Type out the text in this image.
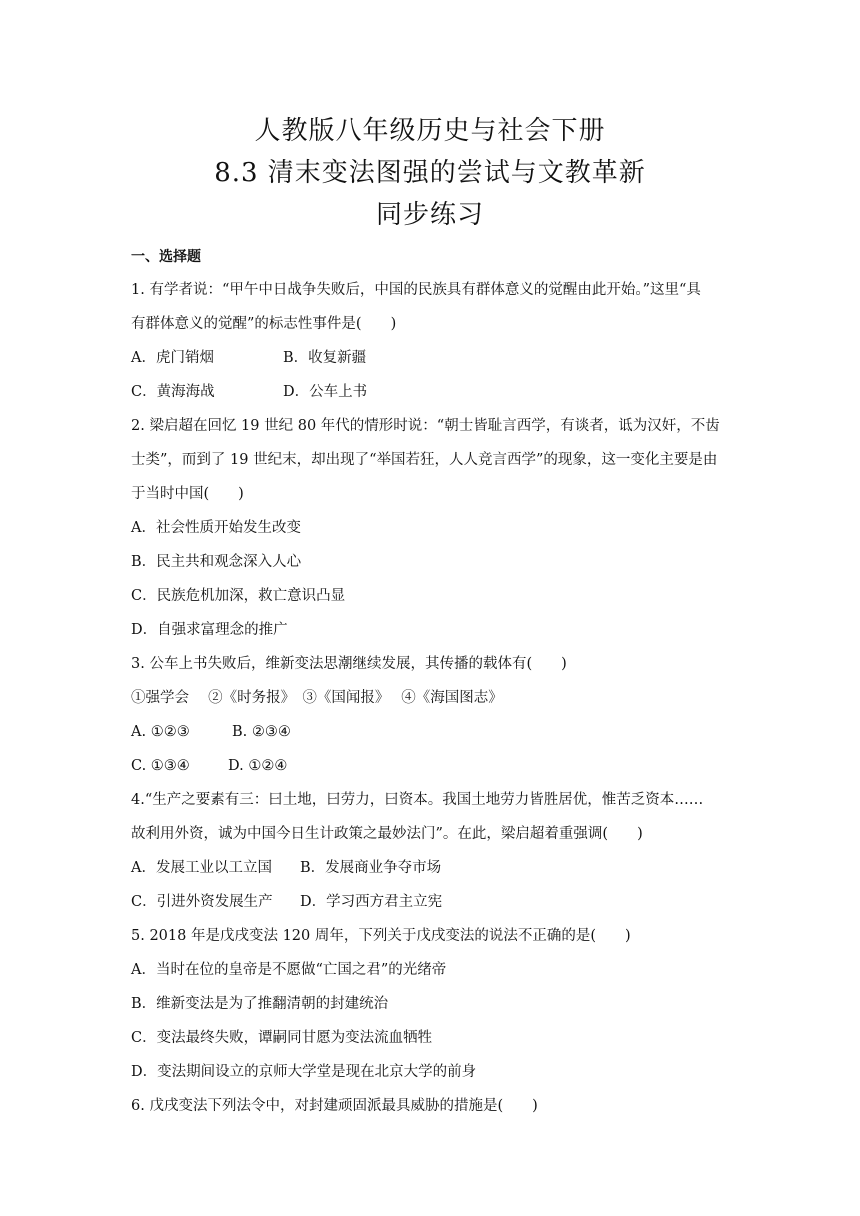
人教版八年级历史与社会下册
8.3 清末变法图强的尝试与文教革新
同步练习
一、选择题
1. 有学者说：“甲午中日战争失败后，中国的民族具有群体意义的觉醒由此开始。”这里“具
有群体意义的觉醒”的标志性事件是(　　)
A．虎门销烟	B．收复新疆
C．黄海海战	D．公车上书
2. 梁启超在回忆 19 世纪 80 年代的情形时说：“朝士皆耻言西学，有谈者，诋为汉奸，不齿
士类”，而到了 19 世纪末，却出现了“举国若狂，人人竞言西学”的现象，这一变化主要是由
于当时中国(　　)
A．社会性质开始发生改变
B．民主共和观念深入人心
C．民族危机加深，救亡意识凸显
D．自强求富理念的推广
3. 公车上书失败后，维新变法思潮继续发展，其传播的载体有(　　)
①强学会　 ②《时务报》　③《国闻报》　 ④《海国图志》
A. ①②③	B. ②③④
C. ①③④	D. ①②④
4.“生产之要素有三：曰土地，曰劳力，曰资本。我国土地劳力皆胜居优，惟苦乏资本……
故利用外资，诚为中国今日生计政策之最妙法门”。在此，梁启超着重强调(　　)
A．发展工业以工立国 B．发展商业争夺市场
C．引进外资发展生产 D．学习西方君主立宪
5. 2018 年是戊戌变法 120 周年，下列关于戊戌变法的说法不正确的是(　　)
A．当时在位的皇帝是不愿做“亡国之君”的光绪帝
B．维新变法是为了推翻清朝的封建统治
C．变法最终失败，谭嗣同甘愿为变法流血牺牲
D．变法期间设立的京师大学堂是现在北京大学的前身
6. 戊戌变法下列法令中，对封建顽固派最具威胁的措施是(　　)
